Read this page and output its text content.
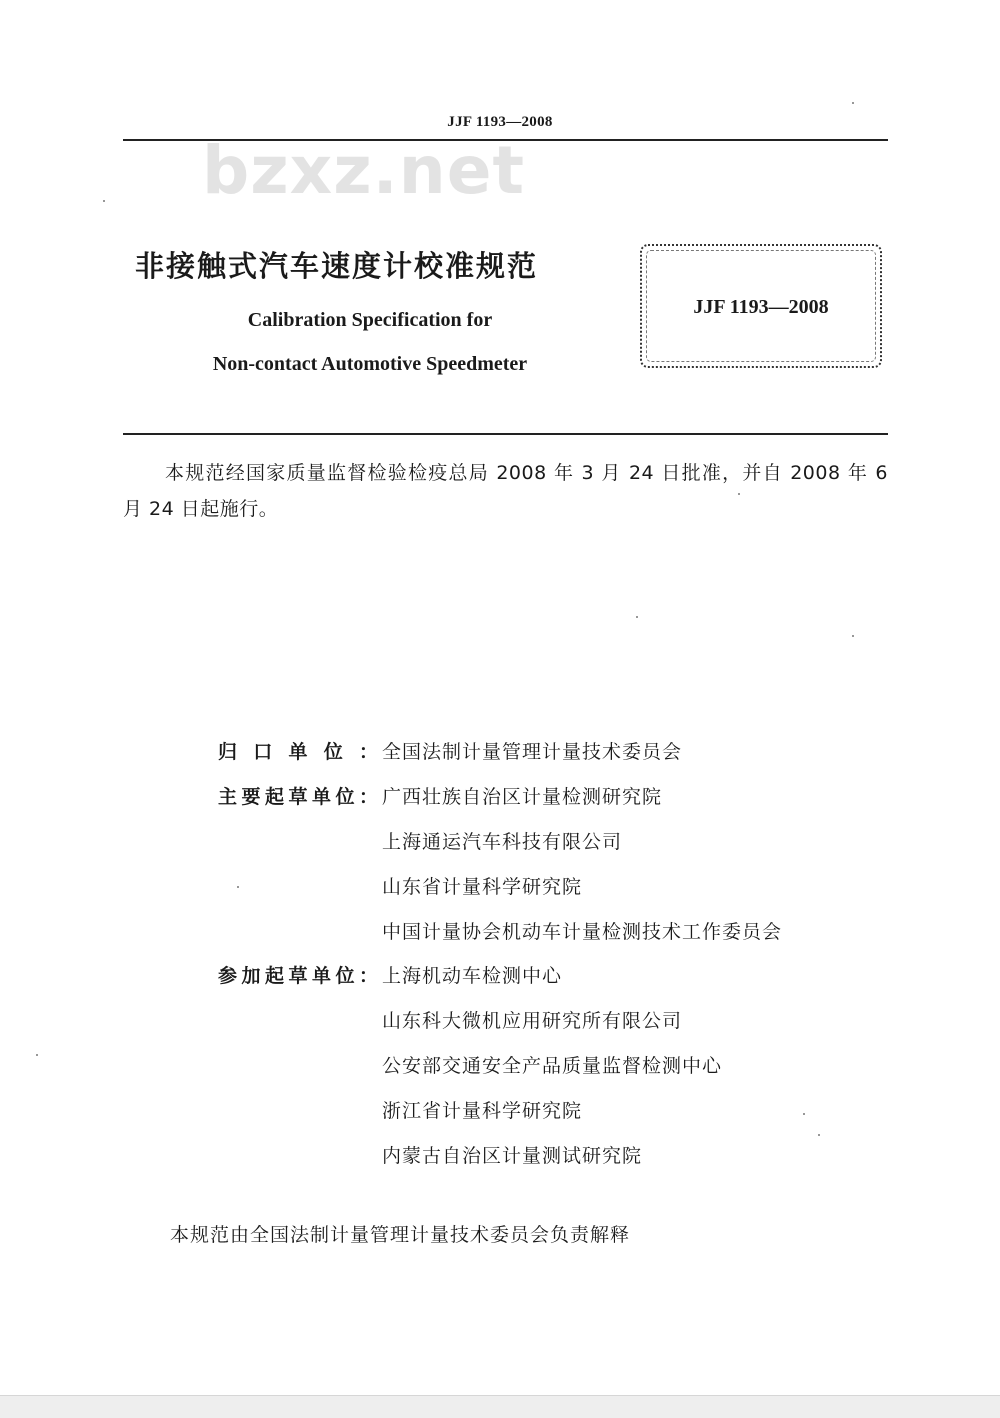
JJF 1193—2008
bzxz.net
非接触式汽车速度计校准规范
Calibration Specification for
Non-contact Automotive Speedmeter
JJF 1193—2008
本规范经国家质量监督检验检疫总局 2008 年 3 月 24 日批准，并自 2008 年 6 月 24 日起施行。
归口单位： 全国法制计量管理计量技术委员会
主要起草单位： 广西壮族自治区计量检测研究院
上海通运汽车科技有限公司
山东省计量科学研究院
中国计量协会机动车计量检测技术工作委员会
参加起草单位： 上海机动车检测中心
山东科大微机应用研究所有限公司
公安部交通安全产品质量监督检测中心
浙江省计量科学研究院
内蒙古自治区计量测试研究院
本规范由全国法制计量管理计量技术委员会负责解释
